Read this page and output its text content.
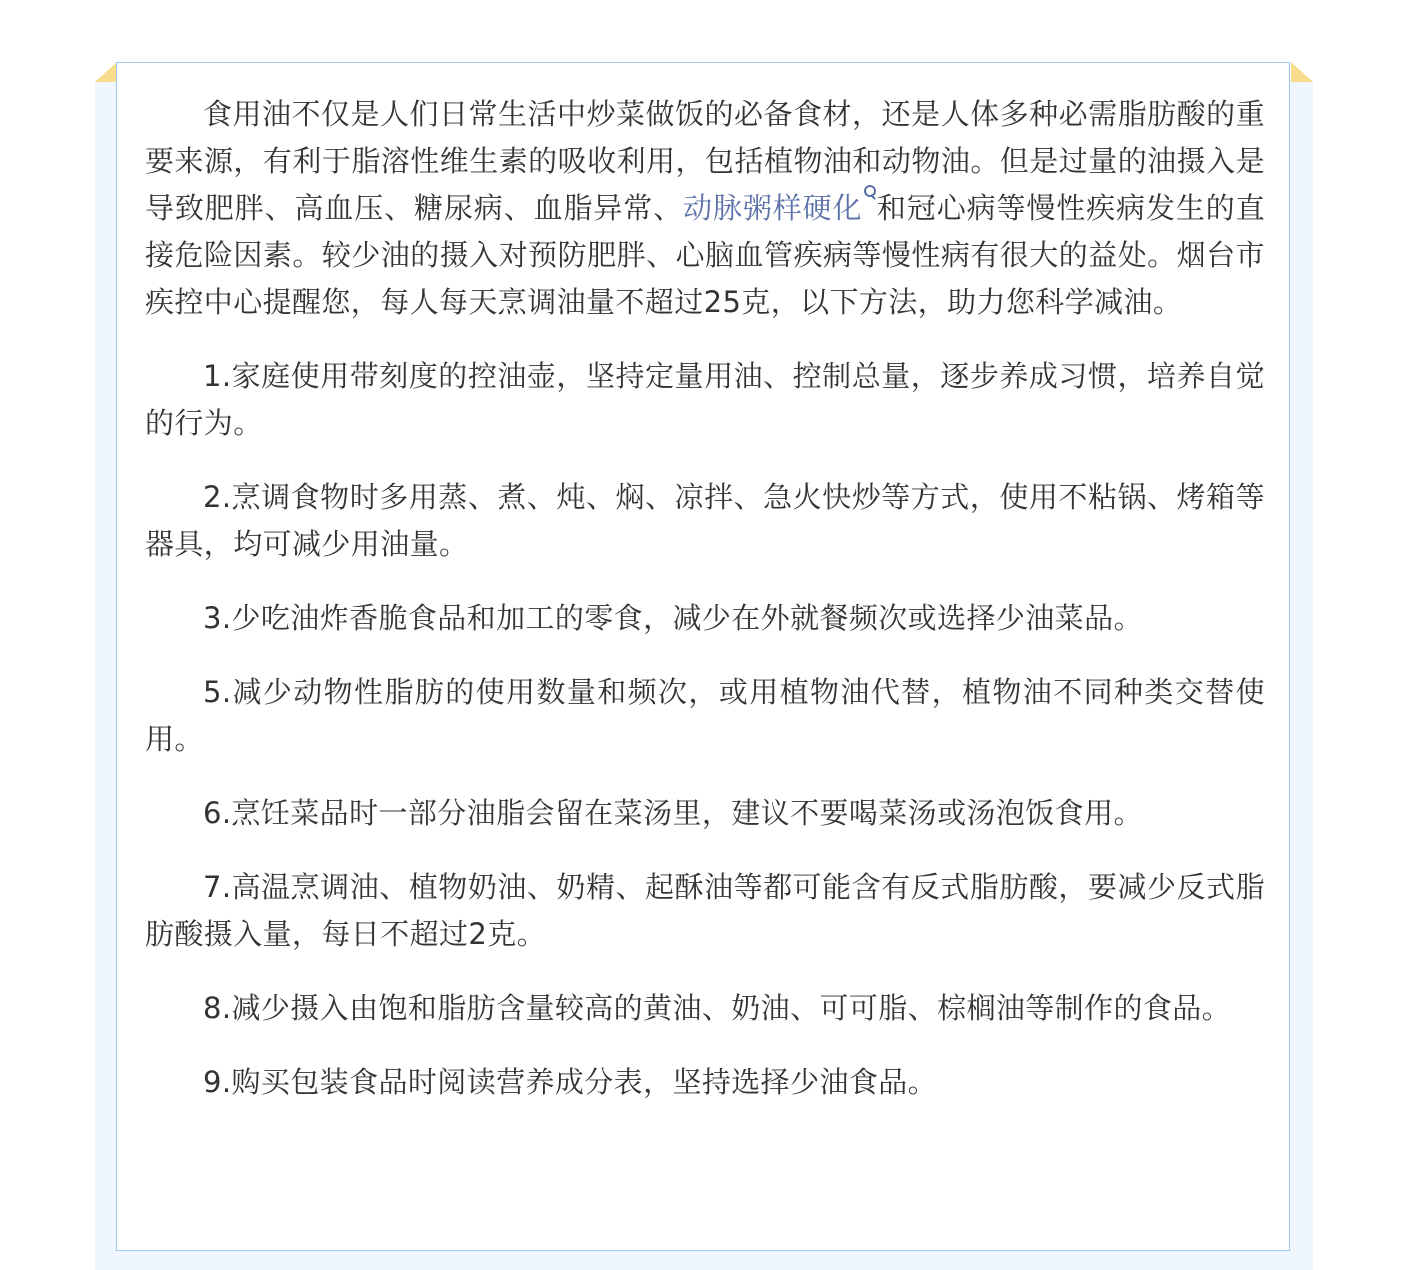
食用油不仅是人们日常生活中炒菜做饭的必备食材，还是人体多种必需脂肪酸的重要来源，有利于脂溶性维生素的吸收利用，包括植物油和动物油。但是过量的油摄入是导致肥胖、高血压、糖尿病、血脂异常、动脉粥样硬化 和冠心病等慢性疾病发生的直接危险因素。较少油的摄入对预防肥胖、心脑血管疾病等慢性病有很大的益处。烟台市疾控中心提醒您，每人每天烹调油量不超过25克，以下方法，助力您科学减油。

1.家庭使用带刻度的控油壶，坚持定量用油、控制总量，逐步养成习惯，培养自觉的行为。

2.烹调食物时多用蒸、煮、炖、焖、凉拌、急火快炒等方式，使用不粘锅、烤箱等器具，均可减少用油量。

3.少吃油炸香脆食品和加工的零食，减少在外就餐频次或选择少油菜品。

5.减少动物性脂肪的使用数量和频次，或用植物油代替，植物油不同种类交替使用。

6.烹饪菜品时一部分油脂会留在菜汤里，建议不要喝菜汤或汤泡饭食用。

7.高温烹调油、植物奶油、奶精、起酥油等都可能含有反式脂肪酸，要减少反式脂肪酸摄入量，每日不超过2克。

8.减少摄入由饱和脂肪含量较高的黄油、奶油、可可脂、棕榈油等制作的食品。

9.购买包装食品时阅读营养成分表，坚持选择少油食品。
